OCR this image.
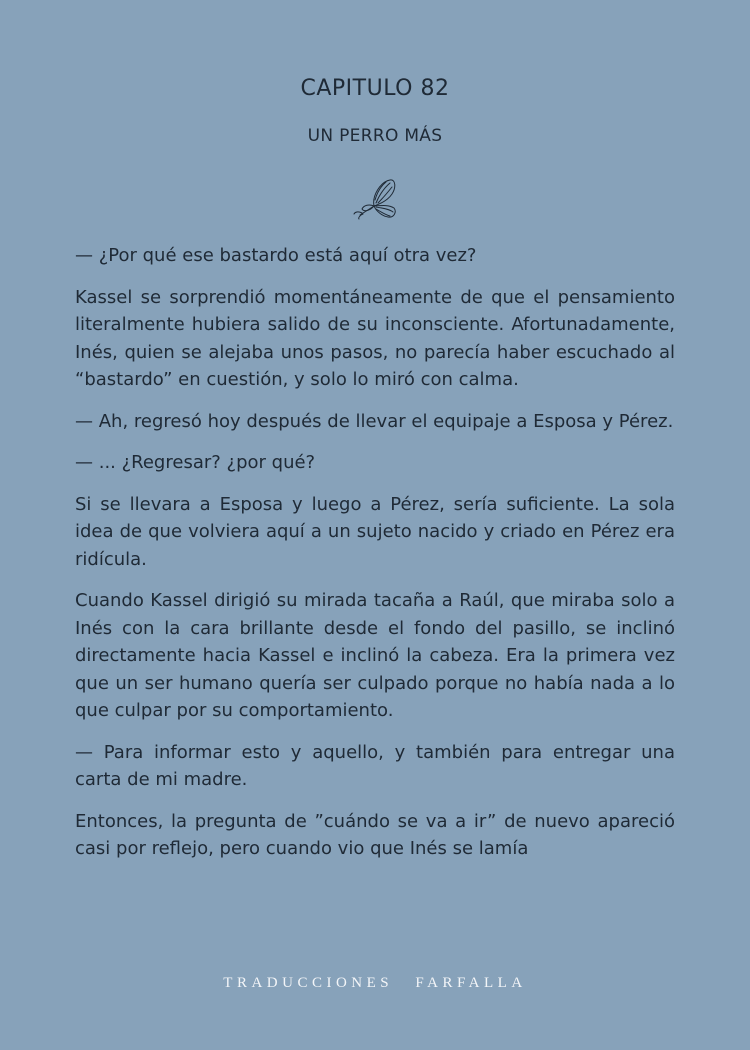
CAPITULO 82
UN PERRO MÁS

— ¿Por qué ese bastardo está aquí otra vez?

Kassel se sorprendió momentáneamente de que el pensamiento literalmente hubiera salido de su inconsciente. Afortunadamente, Inés, quien se alejaba unos pasos, no parecía haber escuchado al “bastardo” en cuestión, y solo lo miró con calma.

— Ah, regresó hoy después de llevar el equipaje a Esposa y Pérez.

— ... ¿Regresar? ¿por qué?

Si se llevara a Esposa y luego a Pérez, sería suficiente. La sola idea de que volviera aquí a un sujeto nacido y criado en Pérez era ridícula.

Cuando Kassel dirigió su mirada tacaña a Raúl, que miraba solo a Inés con la cara brillante desde el fondo del pasillo, se inclinó directamente hacia Kassel e inclinó la cabeza. Era la primera vez que un ser humano quería ser culpado porque no había nada a lo que culpar por su comportamiento.

— Para informar esto y aquello, y también para entregar una carta de mi madre.

Entonces, la pregunta de ”cuándo se va a ir” de nuevo apareció casi por reflejo, pero cuando vio que Inés se lamía

TRADUCCIONES FARFALLA
